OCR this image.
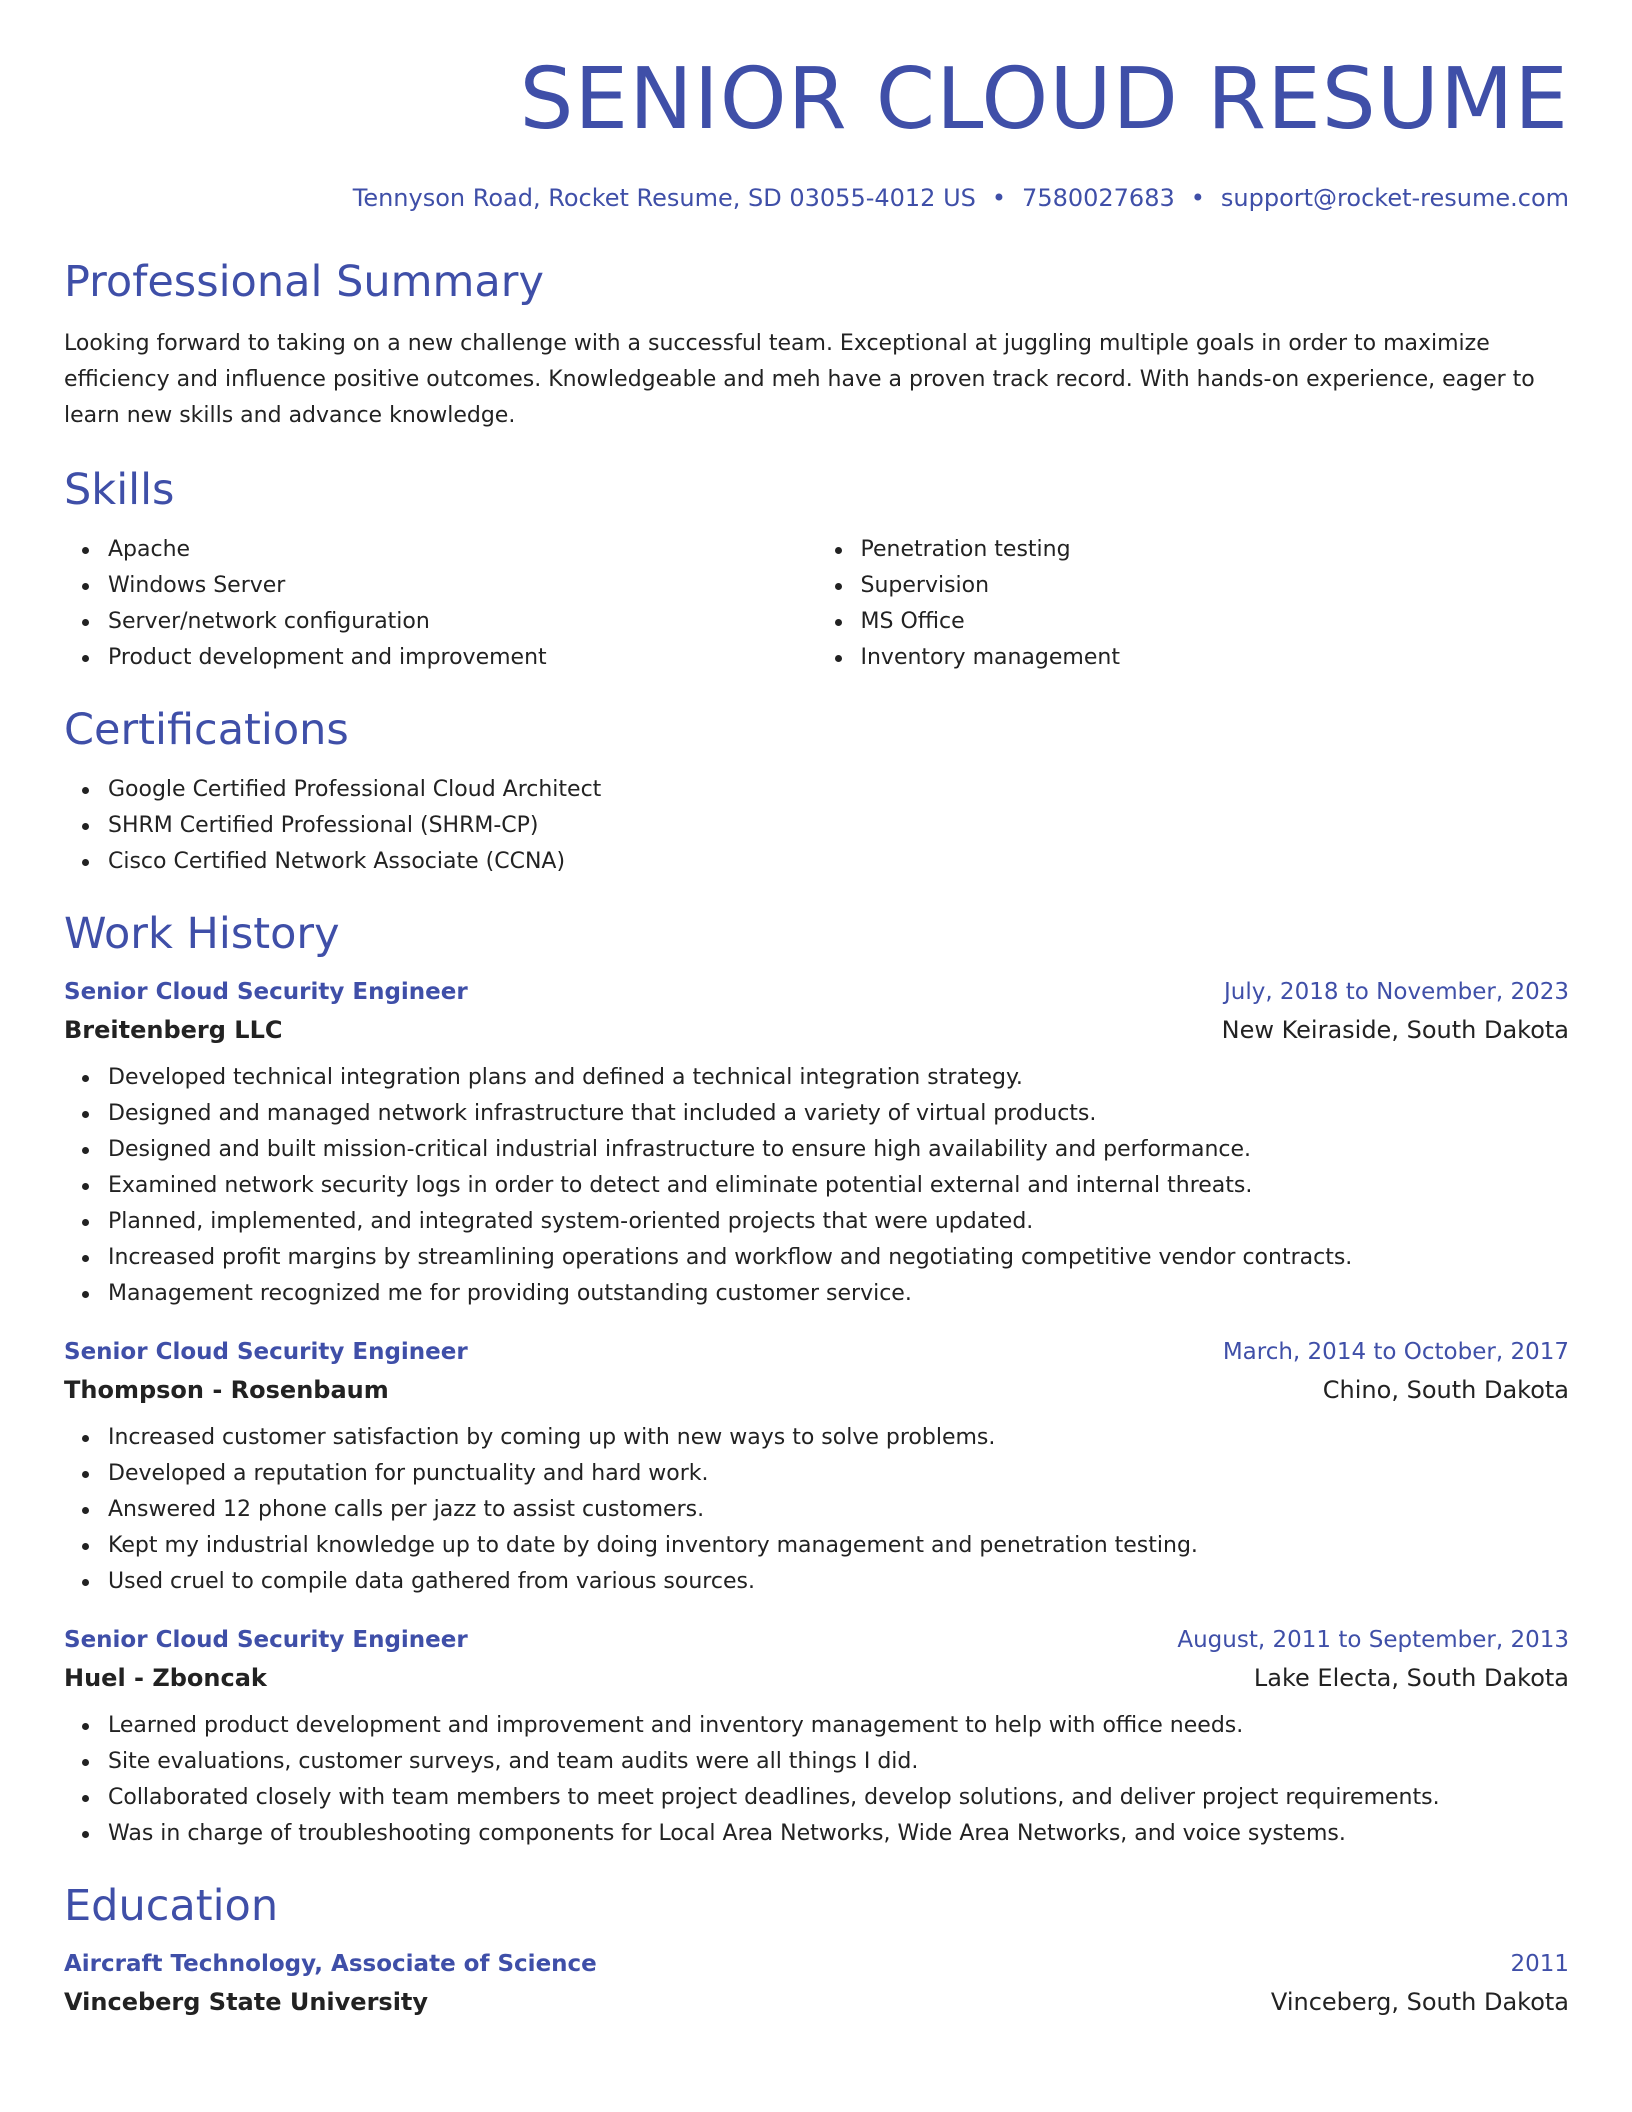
SENIOR CLOUD RESUME
Tennyson Road, Rocket Resume, SD 03055-4012 US • 7580027683 • support@rocket-resume.com
Professional Summary

Looking forward to taking on a new challenge with a successful team. Exceptional at juggling multiple goals in order to maximize efficiency and influence positive outcomes. Knowledgeable and meh have a proven track record. With hands-on experience, eager to learn new skills and advance knowledge.

Skills
Apache
Windows Server
Server/network configuration
Product development and improvement
Penetration testing
Supervision
MS Office
Inventory management
Certifications
Google Certified Professional Cloud Architect
SHRM Certified Professional (SHRM-CP)
Cisco Certified Network Associate (CCNA)
Work History
Senior Cloud Security Engineer	July, 2018 to November, 2023
Breitenberg LLC	New Keiraside, South Dakota
Developed technical integration plans and defined a technical integration strategy.
Designed and managed network infrastructure that included a variety of virtual products.
Designed and built mission-critical industrial infrastructure to ensure high availability and performance.
Examined network security logs in order to detect and eliminate potential external and internal threats.
Planned, implemented, and integrated system-oriented projects that were updated.
Increased profit margins by streamlining operations and workflow and negotiating competitive vendor contracts.
Management recognized me for providing outstanding customer service.
Senior Cloud Security Engineer	March, 2014 to October, 2017
Thompson - Rosenbaum	Chino, South Dakota
Increased customer satisfaction by coming up with new ways to solve problems.
Developed a reputation for punctuality and hard work.
Answered 12 phone calls per jazz to assist customers.
Kept my industrial knowledge up to date by doing inventory management and penetration testing.
Used cruel to compile data gathered from various sources.
Senior Cloud Security Engineer	August, 2011 to September, 2013
Huel - Zboncak	Lake Electa, South Dakota
Learned product development and improvement and inventory management to help with office needs.
Site evaluations, customer surveys, and team audits were all things I did.
Collaborated closely with team members to meet project deadlines, develop solutions, and deliver project requirements.
Was in charge of troubleshooting components for Local Area Networks, Wide Area Networks, and voice systems.
Education
Aircraft Technology, Associate of Science	2011
Vinceberg State University	Vinceberg, South Dakota
